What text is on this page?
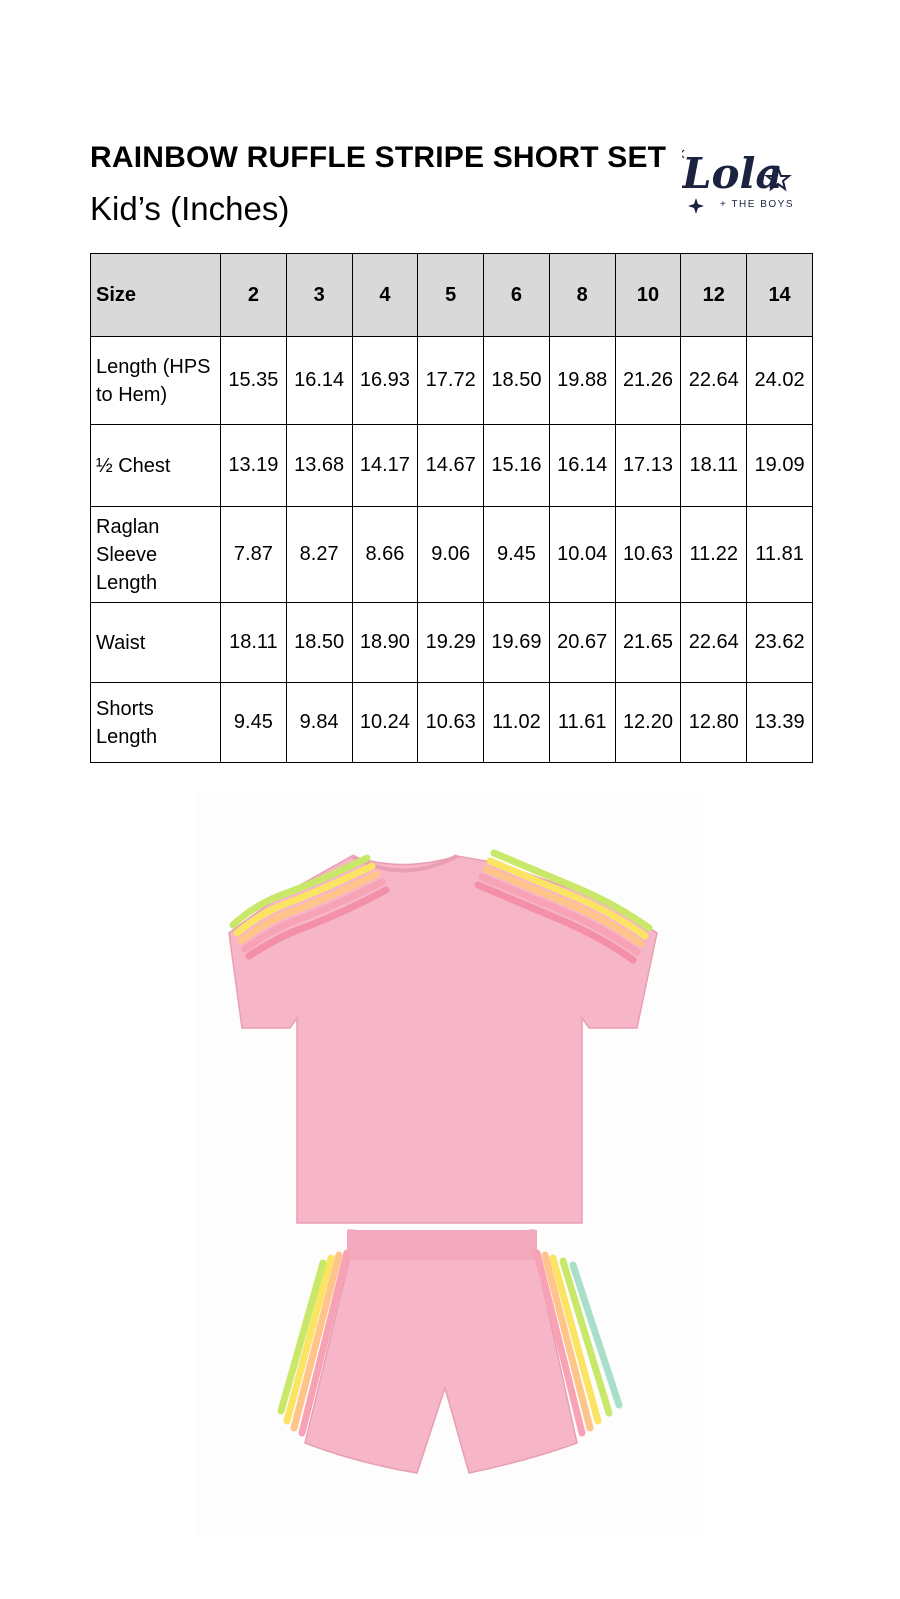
RAINBOW RUFFLE STRIPE SHORT SET
Kid’s (Inches)
Lola
+ THE BOYS
Size	2	3	4	5	6	8	10	12	14
Length (HPS to Hem)	15.35	16.14	16.93	17.72	18.50	19.88	21.26	22.64	24.02
½ Chest	13.19	13.68	14.17	14.67	15.16	16.14	17.13	18.11	19.09
Raglan Sleeve Length	7.87	8.27	8.66	9.06	9.45	10.04	10.63	11.22	11.81
Waist	18.11	18.50	18.90	19.29	19.69	20.67	21.65	22.64	23.62
Shorts Length	9.45	9.84	10.24	10.63	11.02	11.61	12.20	12.80	13.39
